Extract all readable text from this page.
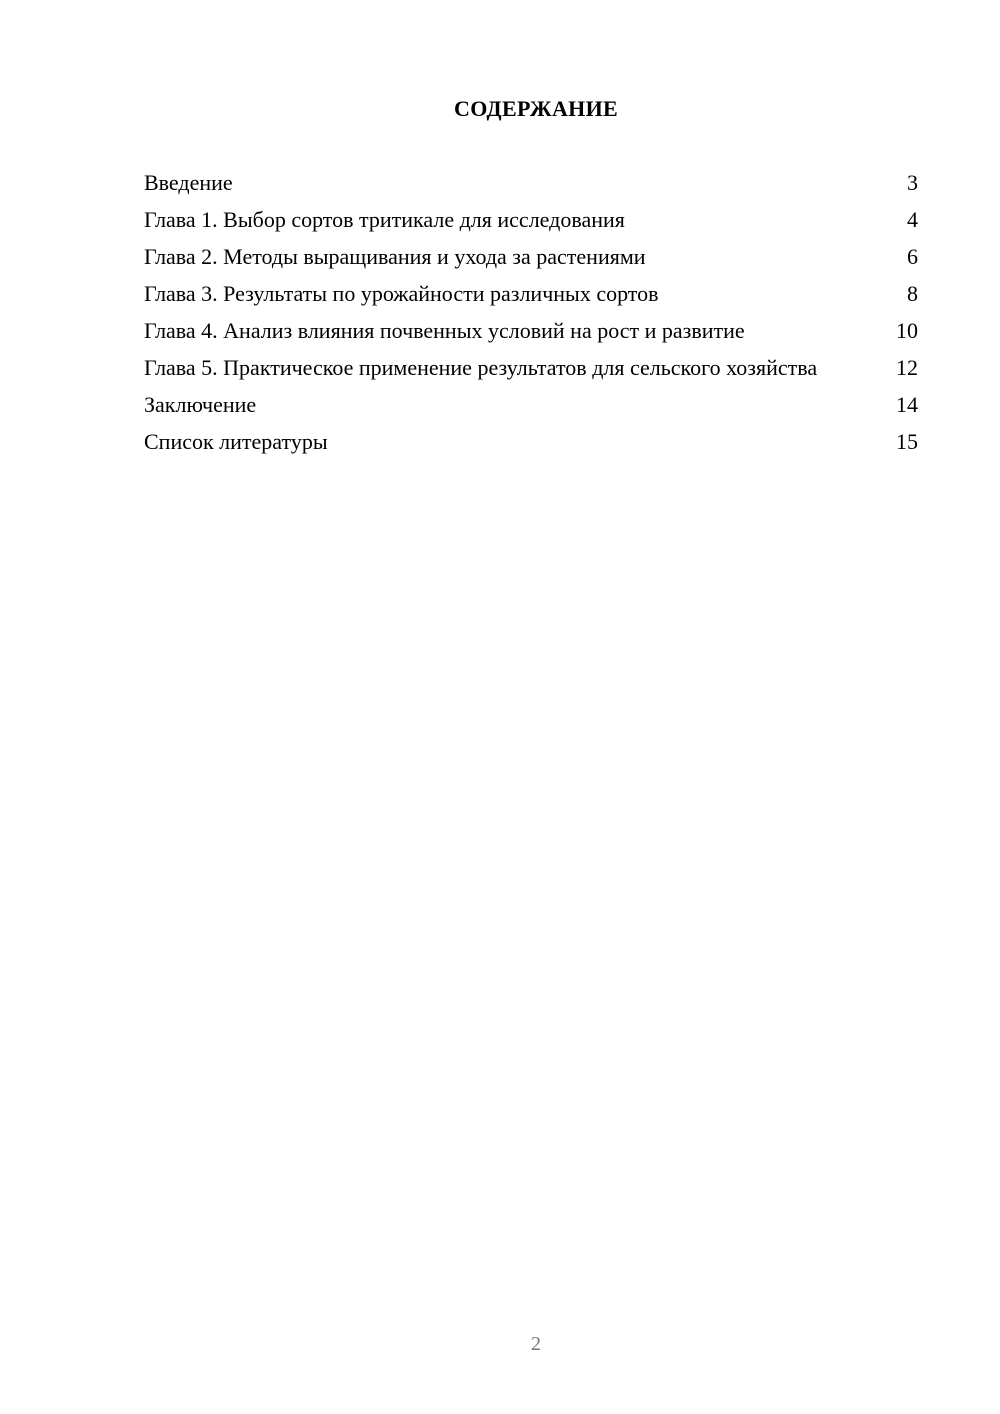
СОДЕРЖАНИЕ
Введение	3
Глава 1. Выбор сортов тритикале для исследования	4
Глава 2. Методы выращивания и ухода за растениями	6
Глава 3. Результаты по урожайности различных сортов	8
Глава 4. Анализ влияния почвенных условий на рост и развитие	10
Глава 5. Практическое применение результатов для сельского хозяйства	12
Заключение	14
Список литературы	15
2
